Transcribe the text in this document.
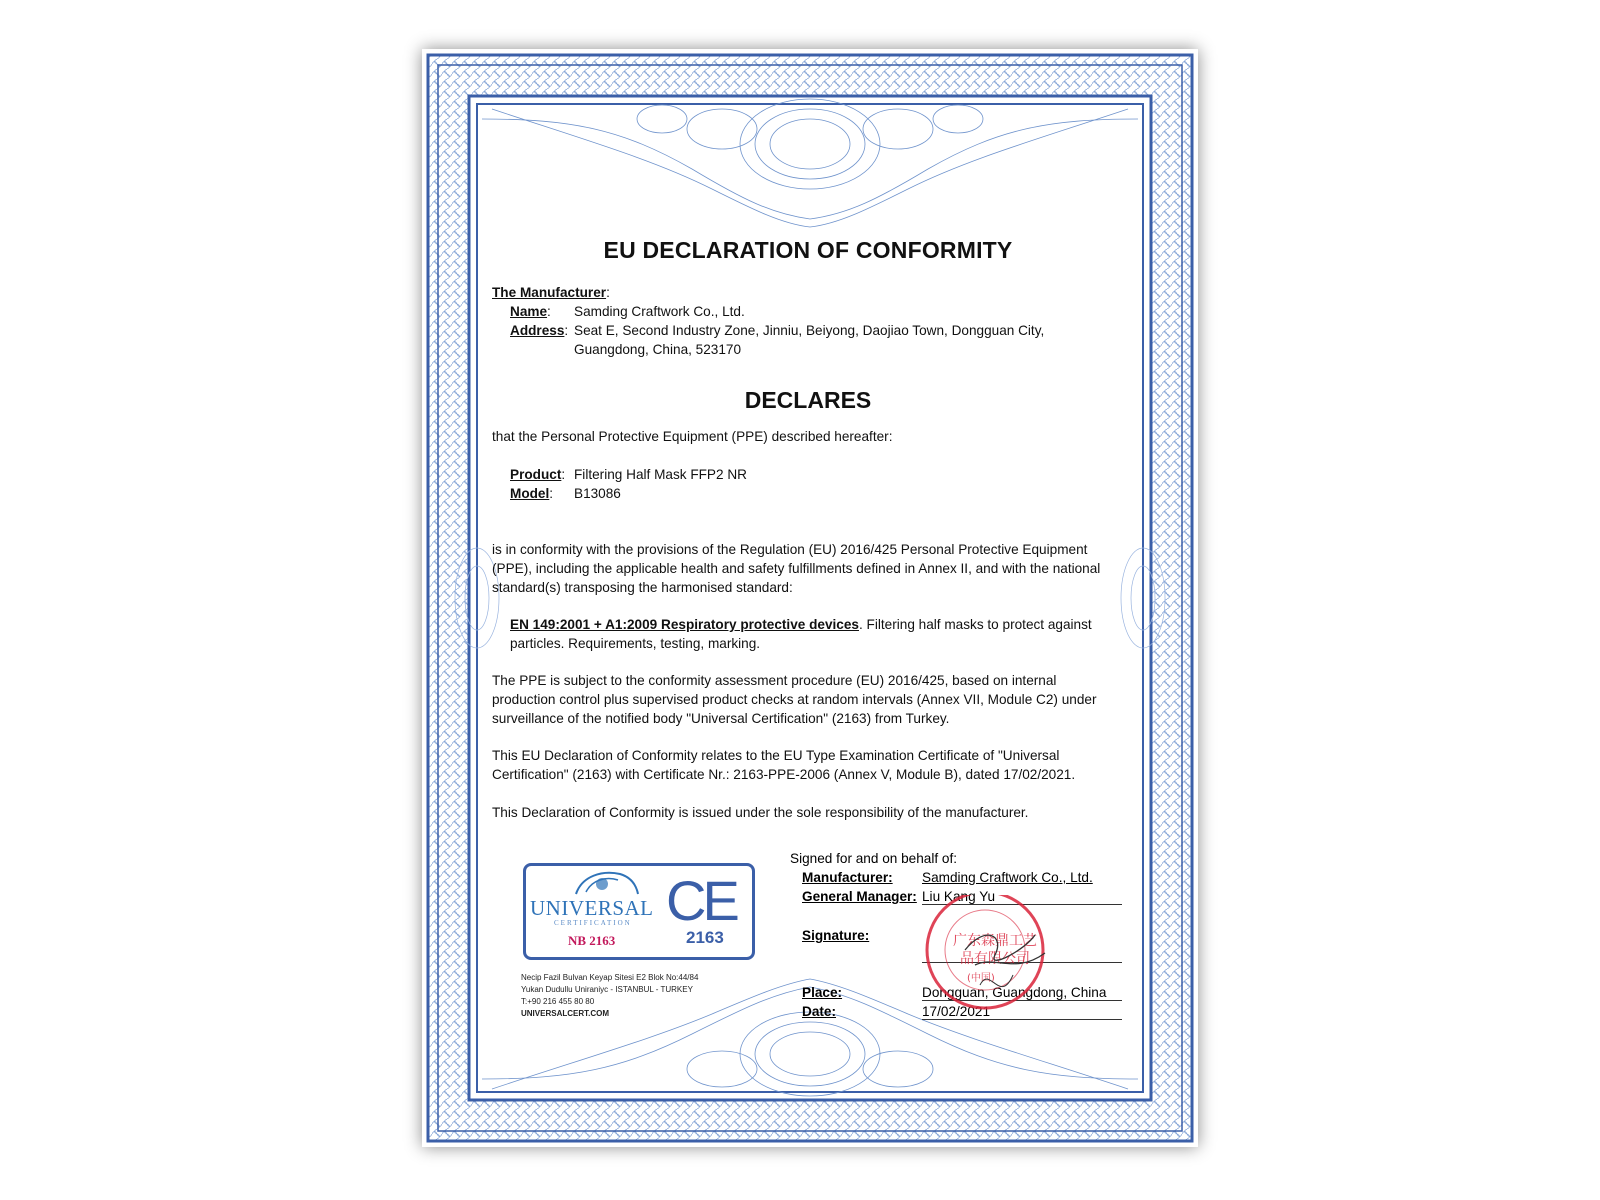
EU DECLARATION OF CONFORMITY
The Manufacturer:
Name: Samding Craftwork Co., Ltd.
Address: Seat E, Second Industry Zone, Jinniu, Beiyong, Daojiao Town, Dongguan City,
Guangdong, China, 523170
DECLARES
that the Personal Protective Equipment (PPE) described hereafter:
Product: Filtering Half Mask FFP2 NR
Model: B13086
is in conformity with the provisions of the Regulation (EU) 2016/425 Personal Protective Equipment (PPE), including the applicable health and safety fulfillments defined in Annex II, and with the national standard(s) transposing the harmonised standard:
EN 149:2001 + A1:2009 Respiratory protective devices. Filtering half masks to protect against particles. Requirements, testing, marking.
The PPE is subject to the conformity assessment procedure (EU) 2016/425, based on internal production control plus supervised product checks at random intervals (Annex VII, Module C2) under surveillance of the notified body "Universal Certification" (2163) from Turkey.
This EU Declaration of Conformity relates to the EU Type Examination Certificate of "Universal Certification" (2163) with Certificate Nr.: 2163-PPE-2006 (Annex V, Module B), dated 17/02/2021.
This Declaration of Conformity is issued under the sole responsibility of the manufacturer.
UNIVERSAL
CERTIFICATION
NB 2163
CE
2163
Necip Fazil Bulvan Keyap Sitesi E2 Blok No:44/84
Yukan Dudullu Uniraniyc - ISTANBUL - TURKEY
T:+90 216 455 80 80
UNIVERSALCERT.COM
Signed for and on behalf of:
Manufacturer: Samding Craftwork Co., Ltd.
General Manager: Liu Kang Yu
Signature:
Place:	Dongguan, Guangdong, China
Date:	17/02/2021
广东森鼎工艺
品有限公司
(中国)
